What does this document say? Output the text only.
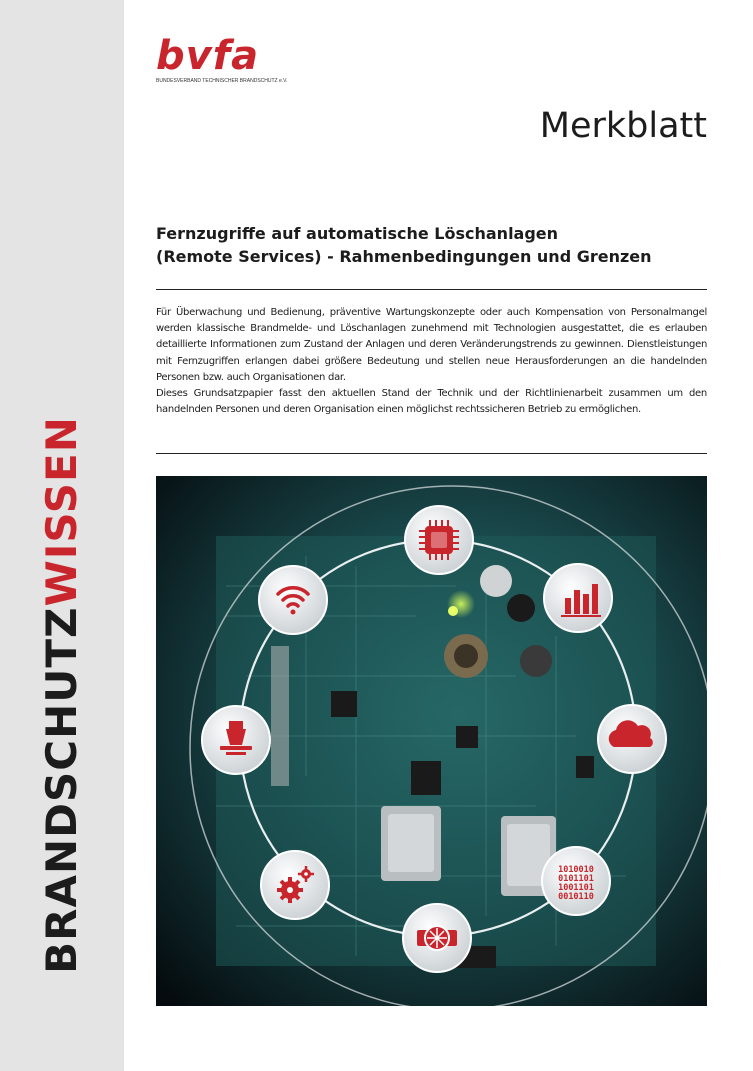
BRANDSCHUTZWISSEN
bvfa
BUNDESVERBAND TECHNISCHER BRANDSCHUTZ e.V.
Merkblatt
Fernzugriffe auf automatische Löschanlagen
(Remote Services) - Rahmenbedingungen und Grenzen

Für Überwachung und Bedienung, präventive Wartungskonzepte oder auch Kompensation von Personalmangel werden klassische Brandmelde- und Löschanlagen zunehmend mit Technologien ausgestattet, die es erlauben detaillierte Informationen zum Zustand der Anlagen und deren Veränderungstrends zu gewinnen. Dienstleistungen mit Fernzugriffen erlangen dabei größere Bedeutung und stellen neue Herausforderungen an die handelnden Personen bzw. auch Organisationen dar.

Dieses Grundsatzpapier fasst den aktuellen Stand der Technik und der Richtlinienarbeit zusammen um den handelnden Personen und deren Organisation einen möglichst rechtssicheren Betrieb zu ermöglichen.

1010010
0101101
1001101
0010110
